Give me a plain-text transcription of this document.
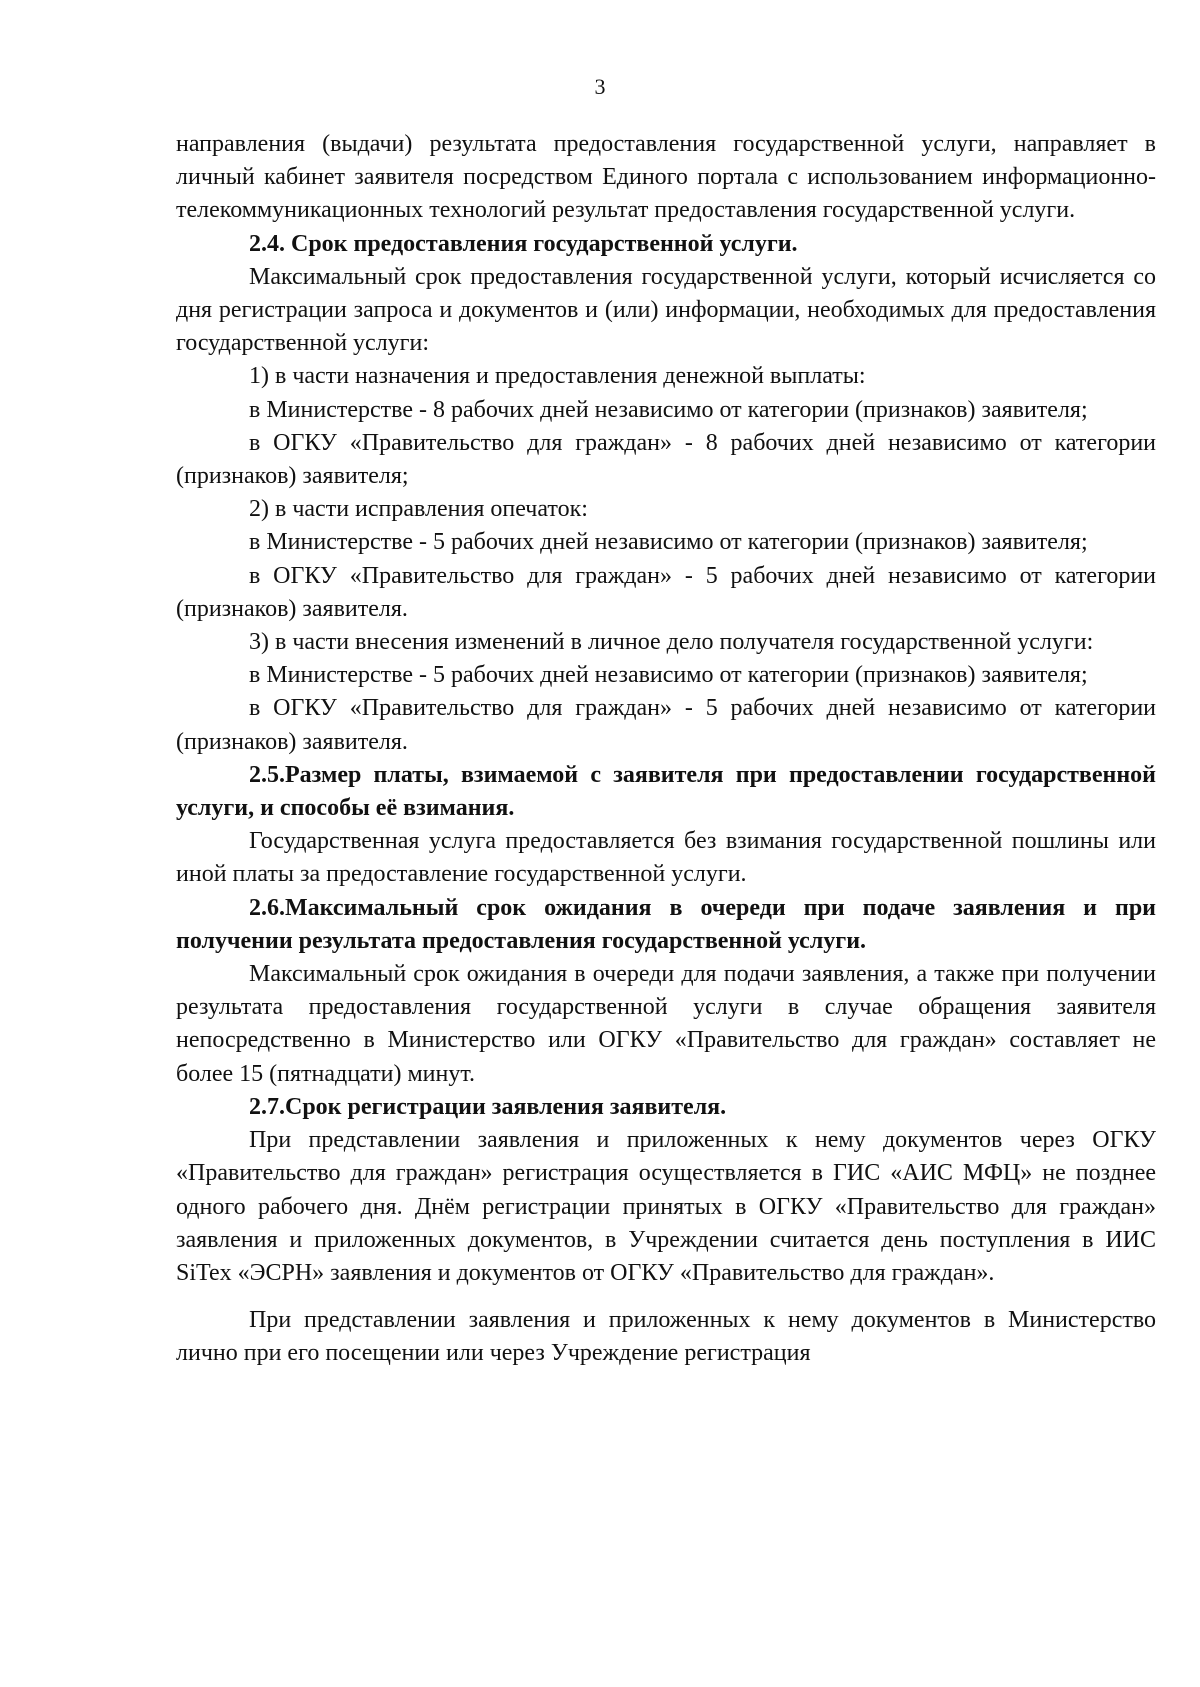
3

направления (выдачи) результата предоставления государственной услуги, направляет в личный кабинет заявителя посредством Единого портала с использованием информационно-телекоммуникационных технологий результат предоставления государственной услуги.

2.4. Срок предоставления государственной услуги.

Максимальный срок предоставления государственной услуги, который исчисляется со дня регистрации запроса и документов и (или) информации, необходимых для предоставления государственной услуги:

1) в части назначения и предоставления денежной выплаты:

в Министерстве - 8 рабочих дней независимо от категории (признаков) заявителя;

в ОГКУ «Правительство для граждан» - 8 рабочих дней независимо от категории (признаков) заявителя;

2) в части исправления опечаток:

в Министерстве - 5 рабочих дней независимо от категории (признаков) заявителя;

в ОГКУ «Правительство для граждан» - 5 рабочих дней независимо от категории (признаков) заявителя.

3) в части внесения изменений в личное дело получателя государственной услуги:

в Министерстве - 5 рабочих дней независимо от категории (признаков) заявителя;

в ОГКУ «Правительство для граждан» - 5 рабочих дней независимо от категории (признаков) заявителя.

2.5.Размер платы, взимаемой с заявителя при предоставлении государственной услуги, и способы её взимания.

Государственная услуга предоставляется без взимания государственной пошлины или иной платы за предоставление государственной услуги.

2.6.Максимальный срок ожидания в очереди при подаче заявления и при получении результата предоставления государственной услуги.

Максимальный срок ожидания в очереди для подачи заявления, а также при получении результата предоставления государственной услуги в случае обращения заявителя непосредственно в Министерство или ОГКУ «Правительство для граждан» составляет не более 15 (пятнадцати) минут.

2.7.Срок регистрации заявления заявителя.

При представлении заявления и приложенных к нему документов через ОГКУ «Правительство для граждан» регистрация осуществляется в ГИС «АИС МФЦ» не позднее одного рабочего дня. Днём регистрации принятых в ОГКУ «Правительство для граждан» заявления и приложенных документов, в Учреждении считается день поступления в ИИС SiTex «ЭСРН» заявления и документов от ОГКУ «Правительство для граждан».

При представлении заявления и приложенных к нему документов в Министерство лично при его посещении или через Учреждение регистрация
